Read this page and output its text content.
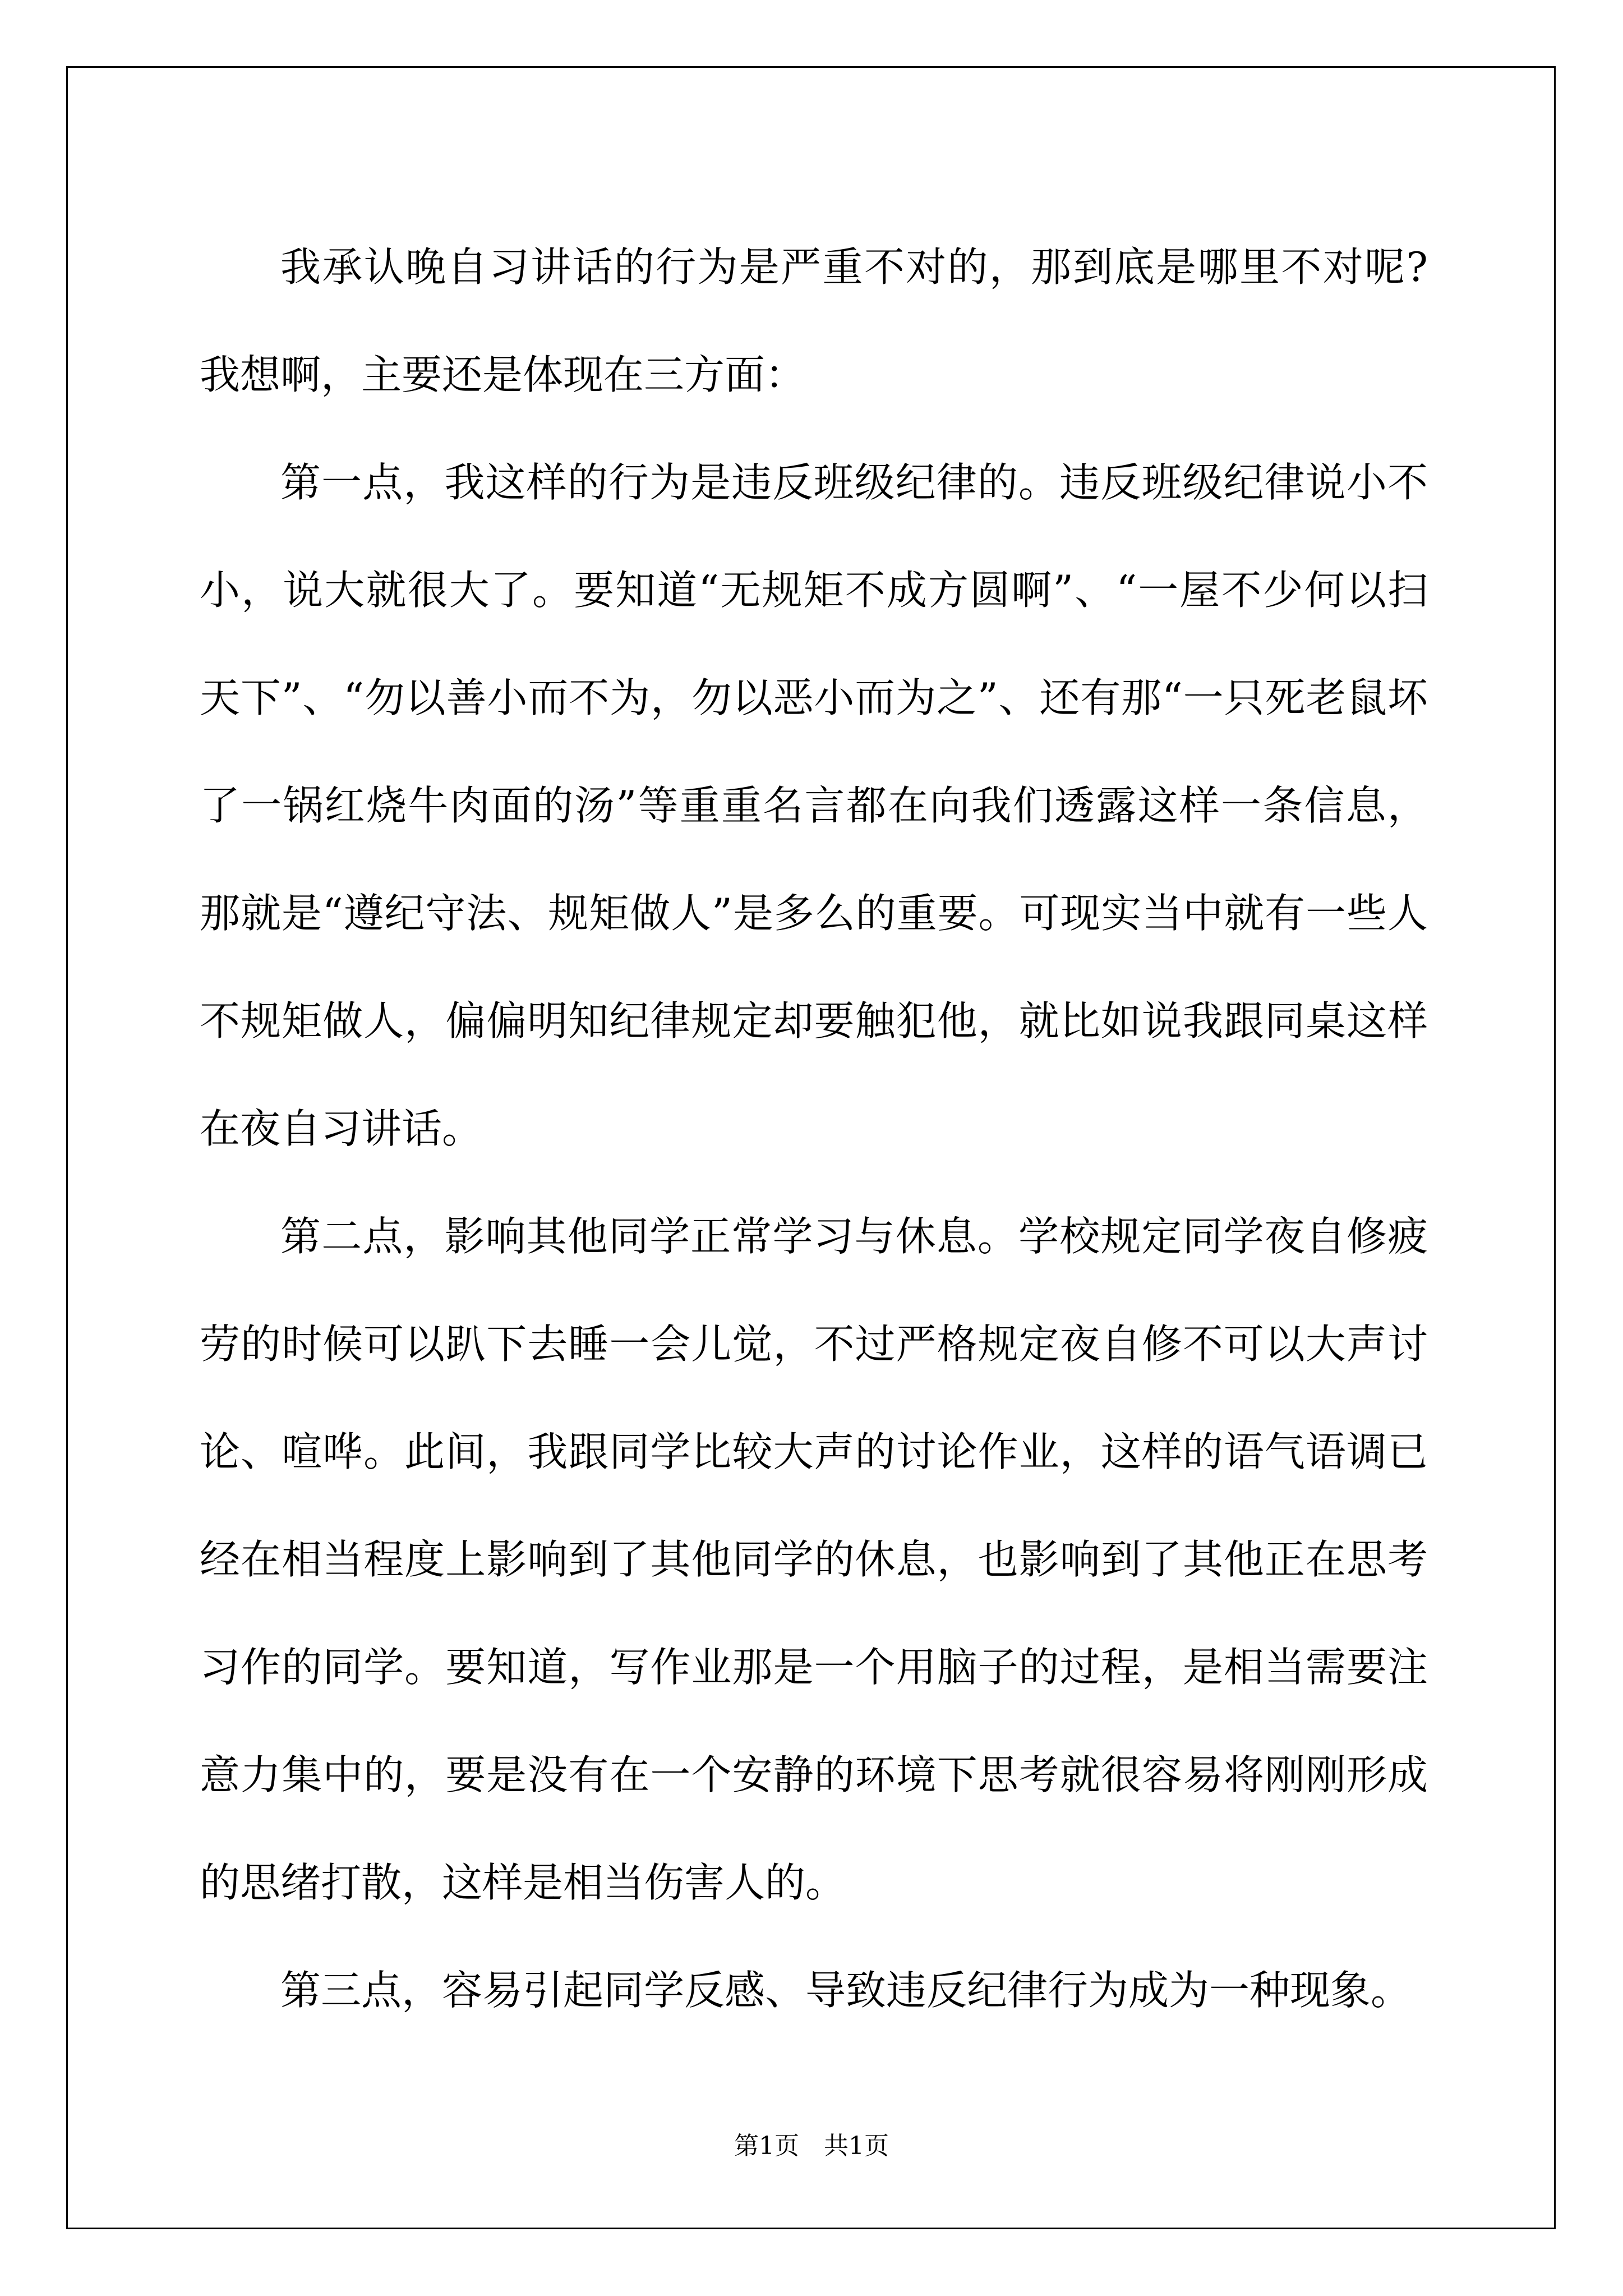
我承认晚自习讲话的行为是严重不对的，那到底是哪里不对呢?我想啊，主要还是体现在三方面：

第一点，我这样的行为是违反班级纪律的。违反班级纪律说小不小，说大就很大了。要知道“无规矩不成方圆啊”、“一屋不少何以扫天下”、“勿以善小而不为，勿以恶小而为之”、还有那“一只死老鼠坏了一锅红烧牛肉面的汤”等重重名言都在向我们透露这样一条信息，那就是“遵纪守法、规矩做人”是多么的重要。可现实当中就有一些人不规矩做人，偏偏明知纪律规定却要触犯他，就比如说我跟同桌这样在夜自习讲话。

第二点，影响其他同学正常学习与休息。学校规定同学夜自修疲劳的时候可以趴下去睡一会儿觉，不过严格规定夜自修不可以大声讨论、喧哗。此间，我跟同学比较大声的讨论作业，这样的语气语调已经在相当程度上影响到了其他同学的休息，也影响到了其他正在思考习作的同学。要知道，写作业那是一个用脑子的过程，是相当需要注意力集中的，要是没有在一个安静的环境下思考就很容易将刚刚形成的思绪打散，这样是相当伤害人的。

第三点，容易引起同学反感、导致违反纪律行为成为一种现象。

第1页　共1页
